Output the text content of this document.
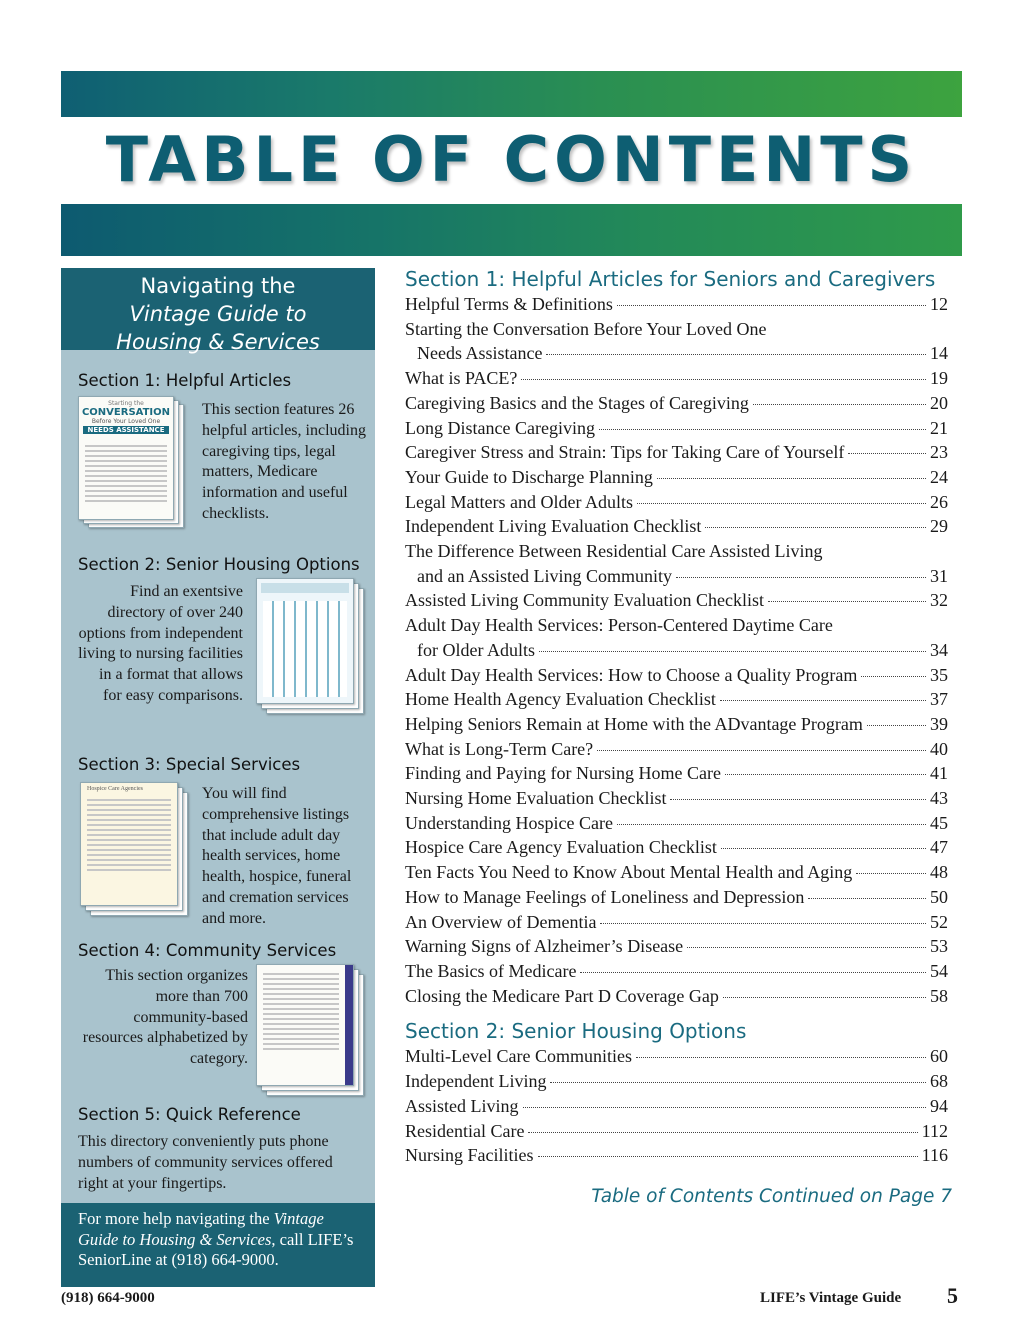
TABLE OF CONTENTS
Navigating the
Vintage Guide to
Housing & Services
Section 1: Helpful Articles
Starting the
CONVERSATION
Before Your Loved One
NEEDS ASSISTANCE
This section features 26 helpful articles, including caregiving tips, legal matters, Medicare information and useful checklists.
Section 2: Senior Housing Options
Find an exentsive directory of over 240 options from independent living to nursing facilities in a format that allows for easy comparisons.
Section 3: Special Services
Hospice Care Agencies	You will find comprehensive listings that include adult day health services, home health, hospice, funeral and cremation services and more.
Section 4: Community Services
This section organizes more than 700 community-based resources alphabetized by category.
Section 5: Quick Reference
This directory conveniently puts phone numbers of community services offered right at your fingertips.
For more help navigating the Vintage Guide to Housing & Services, call LIFE’s SeniorLine at (918) 664-9000.
Section 1: Helpful Articles for Seniors and Caregivers
Helpful Terms & Definitions	12
Starting the Conversation Before Your Loved One
Needs Assistance	14
What is PACE?	19
Caregiving Basics and the Stages of Caregiving	20
Long Distance Caregiving	21
Caregiver Stress and Strain: Tips for Taking Care of Yourself	23
Your Guide to Discharge Planning	24
Legal Matters and Older Adults	26
Independent Living Evaluation Checklist	29
The Difference Between Residential Care Assisted Living
and an Assisted Living Community	31
Assisted Living Community Evaluation Checklist	32
Adult Day Health Services: Person-Centered Daytime Care
for Older Adults	34
Adult Day Health Services: How to Choose a Quality Program	35
Home Health Agency Evaluation Checklist	37
Helping Seniors Remain at Home with the ADvantage Program	39
What is Long-Term Care?	40
Finding and Paying for Nursing Home Care	41
Nursing Home Evaluation Checklist	43
Understanding Hospice Care	45
Hospice Care Agency Evaluation Checklist	47
Ten Facts You Need to Know About Mental Health and Aging	48
How to Manage Feelings of Loneliness and Depression	50
An Overview of Dementia	52
Warning Signs of Alzheimer’s Disease	53
The Basics of Medicare	54
Closing the Medicare Part D Coverage Gap	58
Section 2: Senior Housing Options
Multi-Level Care Communities	60
Independent Living	68
Assisted Living	94
Residential Care	112
Nursing Facilities	116
Table of Contents Continued on Page 7
(918) 664-9000	LIFE’s Vintage Guide 5
